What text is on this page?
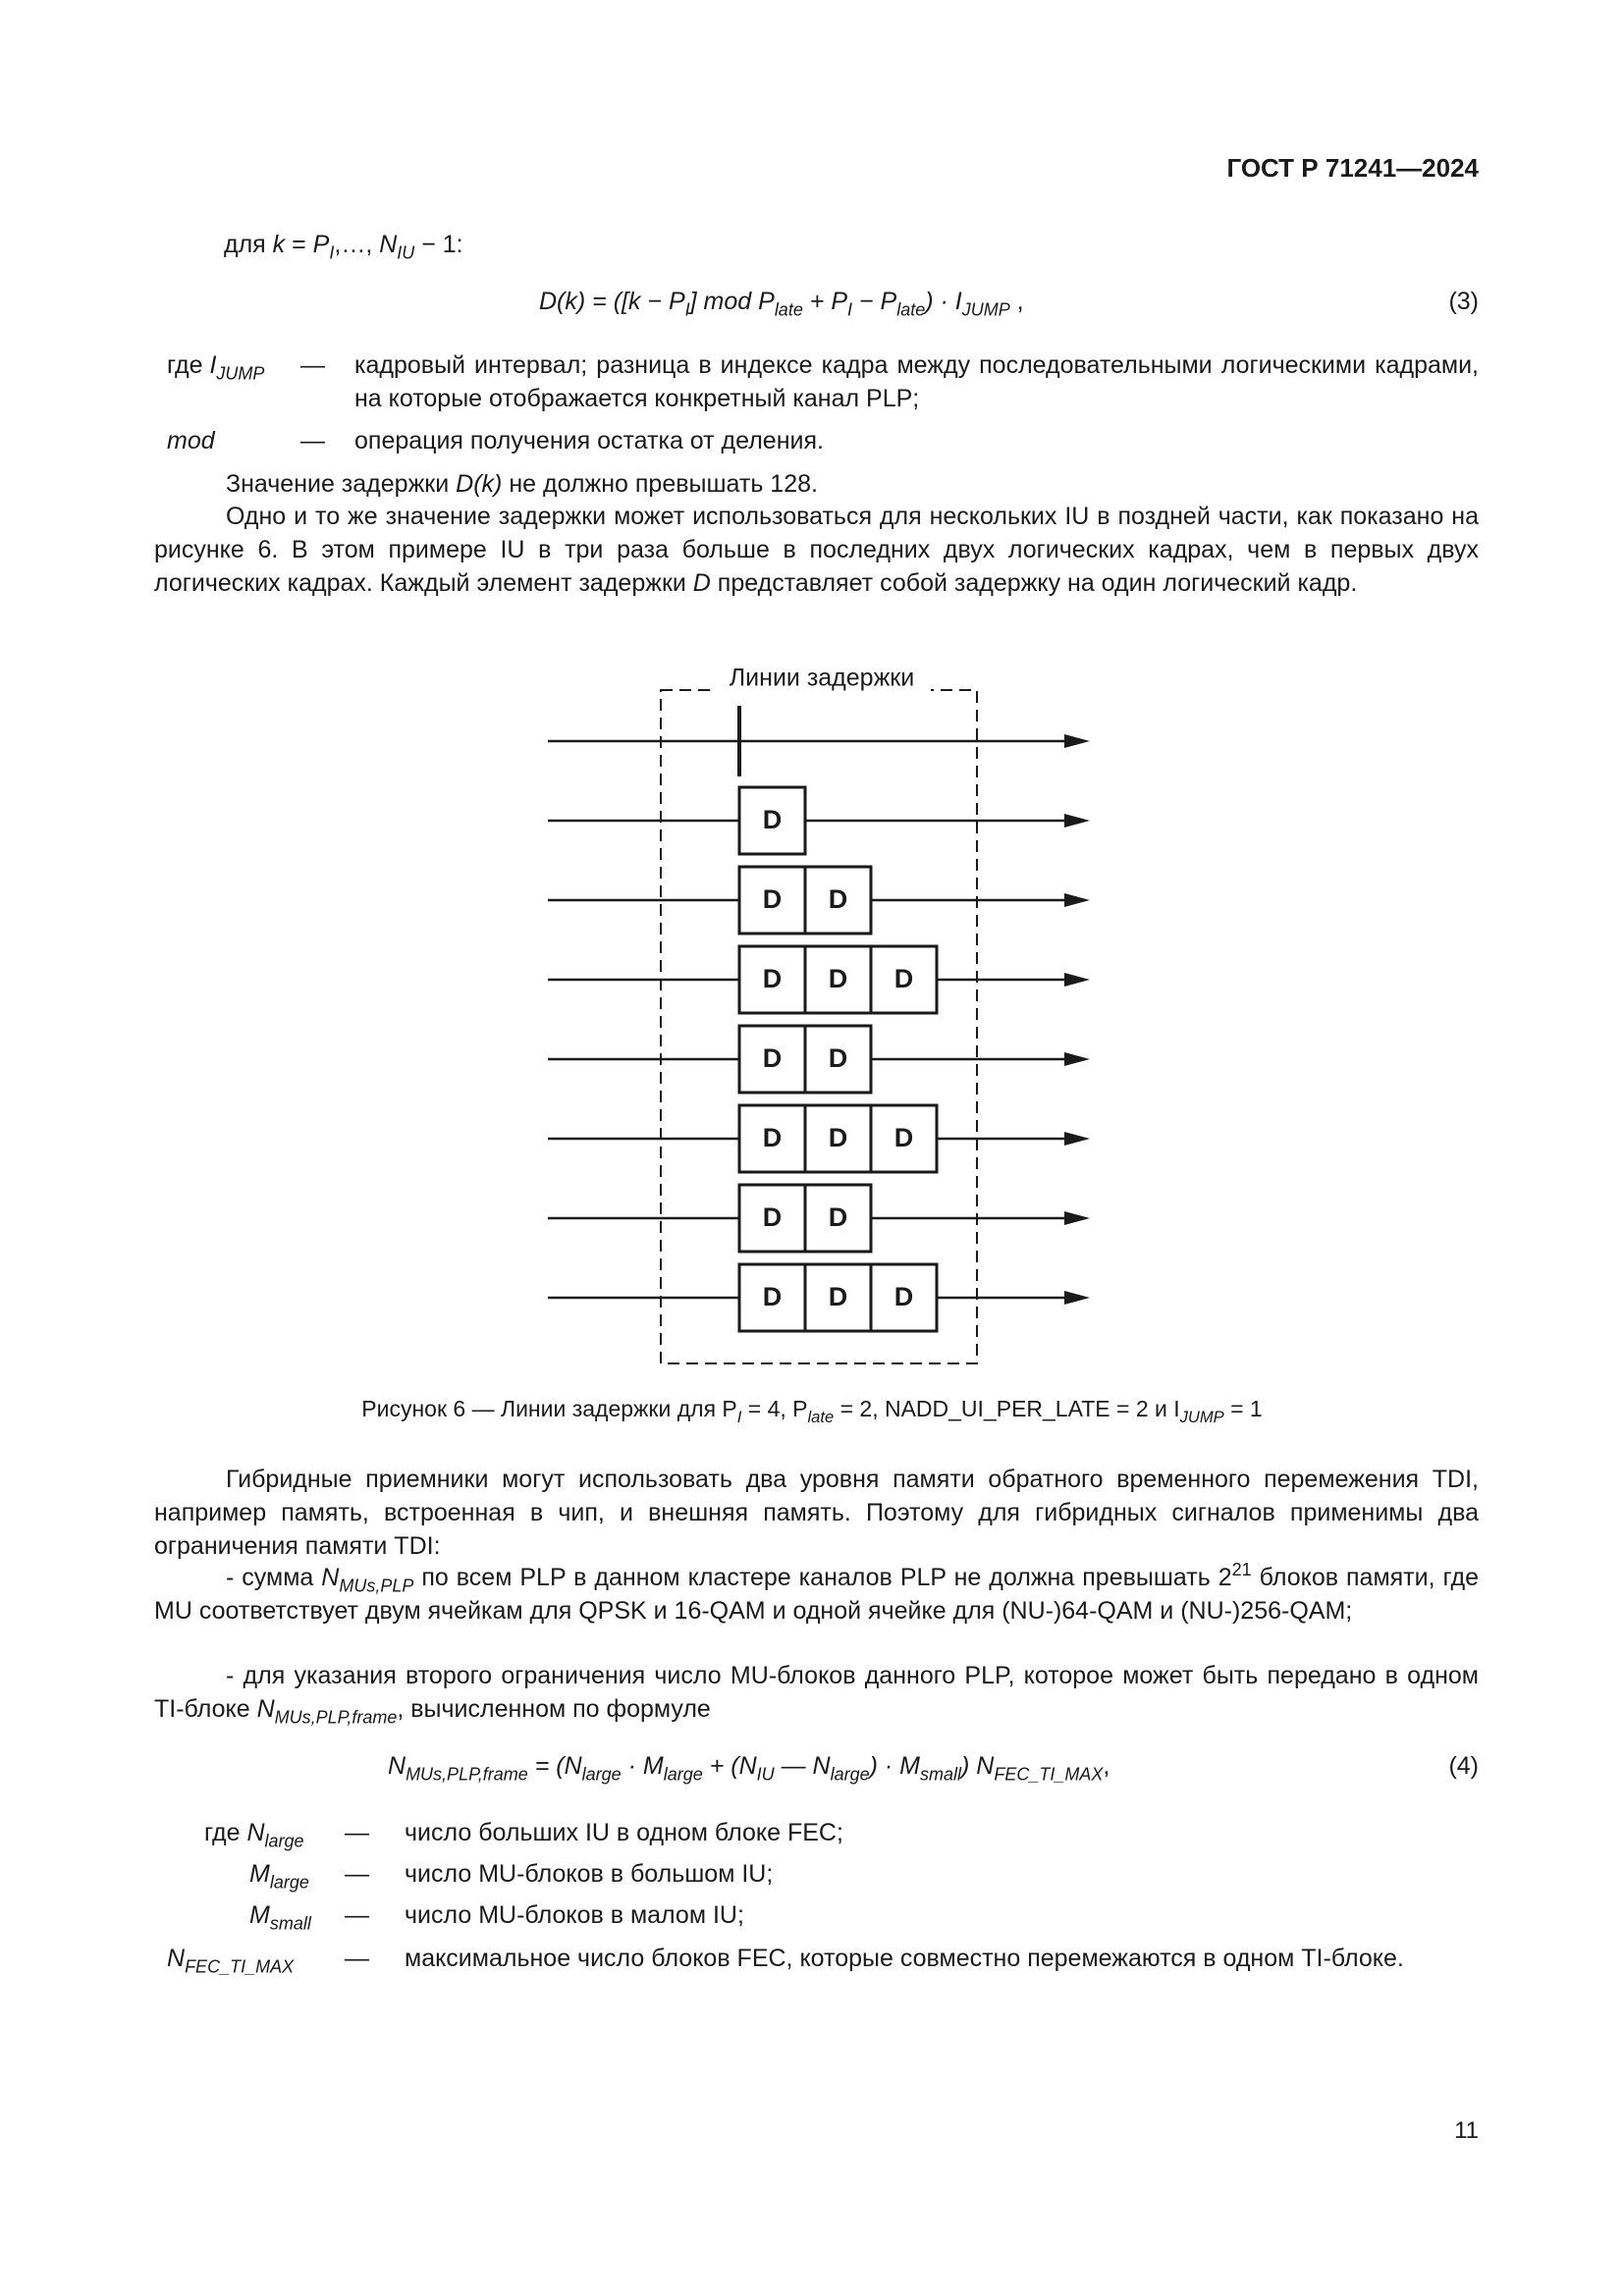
ГОСТ Р 71241—2024
для $k = P_I,\dots$, $N_{IU} - 1$:
$D(k) = ([k - P_I]$ mod $P_{late} + P_I - P_{late}) \cdot I_{JUMP}$ ,	(3)
где $I_{JUMP}$ — кадровый интервал; разница в индексе кадра между последовательными логическими кадрами, на которые отображается конкретный канал PLP;
mod	— операция получения остатка от деления.
Значение задержки D(k) не должно превышать 128.
Одно и то же значение задержки может использоваться для нескольких IU в поздней части, как показано на рисунке 6. В этом примере IU в три раза больше в последних двух логических кадрах, чем в первых двух логических кадрах. Каждый элемент задержки D представляет собой задержку на один логический кадр.
Линии задержки
D
D D
D D D
D D
D D D
D D
D D D
Рисунок 6 — Линии задержки для $P_I = 4$, $P_{late} = 2$, NADD_UI_PER_LATE = 2 и $I_{JUMP} = 1$
Гибридные приемники могут использовать два уровня памяти обратного временного перемежения TDI, например память, встроенная в чип, и внешняя память. Поэтому для гибридных сигналов применимы два ограничения памяти TDI:
- сумма $N_{MUs,PLP}$ по всем PLP в данном кластере каналов PLP не должна превышать $2^{21}$ блоков памяти, где MU соответствует двум ячейкам для QPSK и 16-QAM и одной ячейке для (NU-)64-QAM и (NU-)256-QAM;
- для указания второго ограничения число MU-блоков данного PLP, которое может быть передано в одном TI-блоке $N_{MUs,PLP,frame}$, вычисленном по формуле
$N_{MUs,PLP,frame} = (N_{large} \cdot M_{large} + (N_{IU}$ — $N_{large}) \cdot M_{small}$) $N_{FEC\_TI\_MAX}$,	(4)
где $N_{large}$ — число больших IU в одном блоке FEC;
$M_{large}$ — число MU-блоков в большом IU;
$M_{small}$ — число MU-блоков в малом IU;
$N_{FEC\_TI\_MAX}$ — максимальное число блоков FEC, которые совместно перемежаются в одном TI-блоке.
11
